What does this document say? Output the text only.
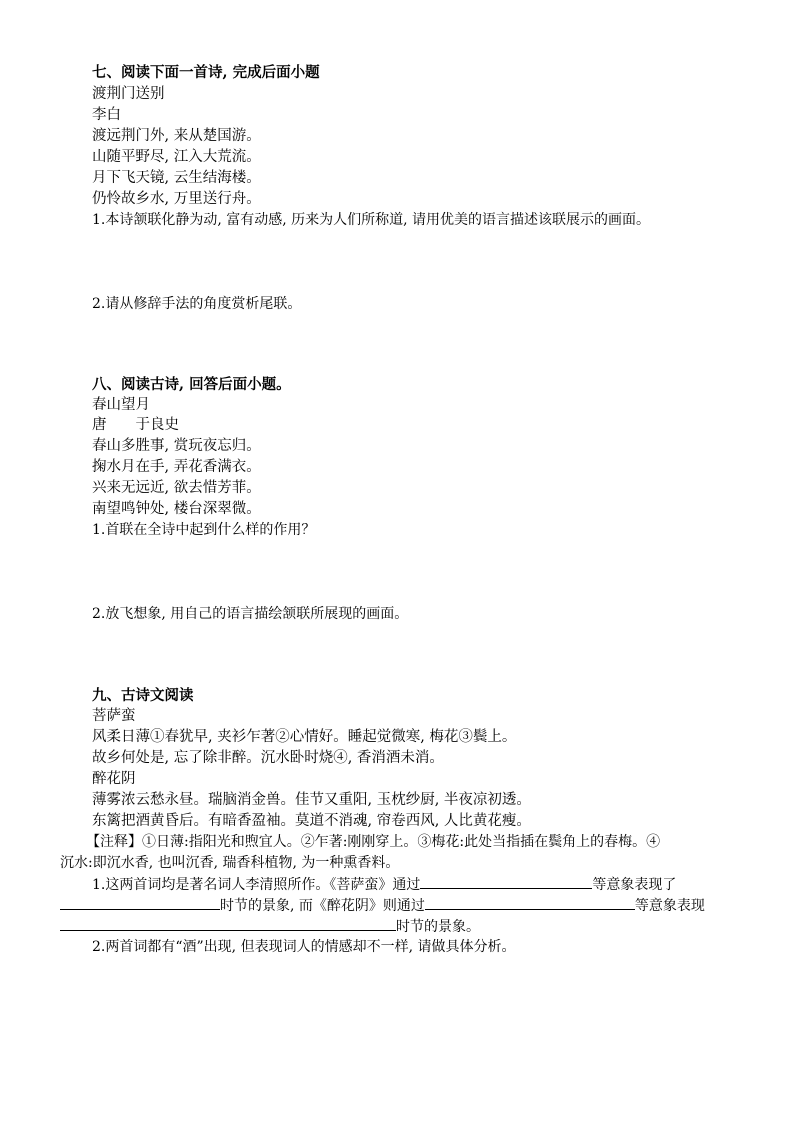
七、阅读下面一首诗, 完成后面小题
渡荆门送别
李白
渡远荆门外, 来从楚国游。
山随平野尽, 江入大荒流。
月下飞天镜, 云生结海楼。
仍怜故乡水, 万里送行舟。
1.本诗颔联化静为动, 富有动感, 历来为人们所称道, 请用优美的语言描述该联展示的画面。
2.请从修辞手法的角度赏析尾联。
八、阅读古诗, 回答后面小题。
春山望月
唐　　于良史
春山多胜事, 赏玩夜忘归。
掬水月在手, 弄花香满衣。
兴来无远近, 欲去惜芳菲。
南望鸣钟处, 楼台深翠微。
1.首联在全诗中起到什么样的作用？
2.放飞想象, 用自己的语言描绘颔联所展现的画面。
九、古诗文阅读
菩萨蛮
风柔日薄①春犹早, 夹衫乍著②心情好。睡起觉微寒, 梅花③鬓上。
故乡何处是, 忘了除非醉。沉水卧时烧④, 香消酒未消。
醉花阴
薄雾浓云愁永昼。瑞脑消金兽。佳节又重阳, 玉枕纱厨, 半夜凉初透。
东篱把酒黄昏后。有暗香盈袖。莫道不消魂, 帘卷西风, 人比黄花瘦。
【注释】①日薄:指阳光和煦宜人。②乍著:刚刚穿上。③梅花:此处当指插在鬓角上的春梅。④
沉水:即沉水香, 也叫沉香, 瑞香科植物, 为一种熏香料。
1.这两首词均是著名词人李清照所作。《菩萨蛮》通过	等意象表现了
时节的景象, 而《醉花阴》则通过	等意象表现
时节的景象。
2.两首词都有“酒”出现, 但表现词人的情感却不一样, 请做具体分析。
